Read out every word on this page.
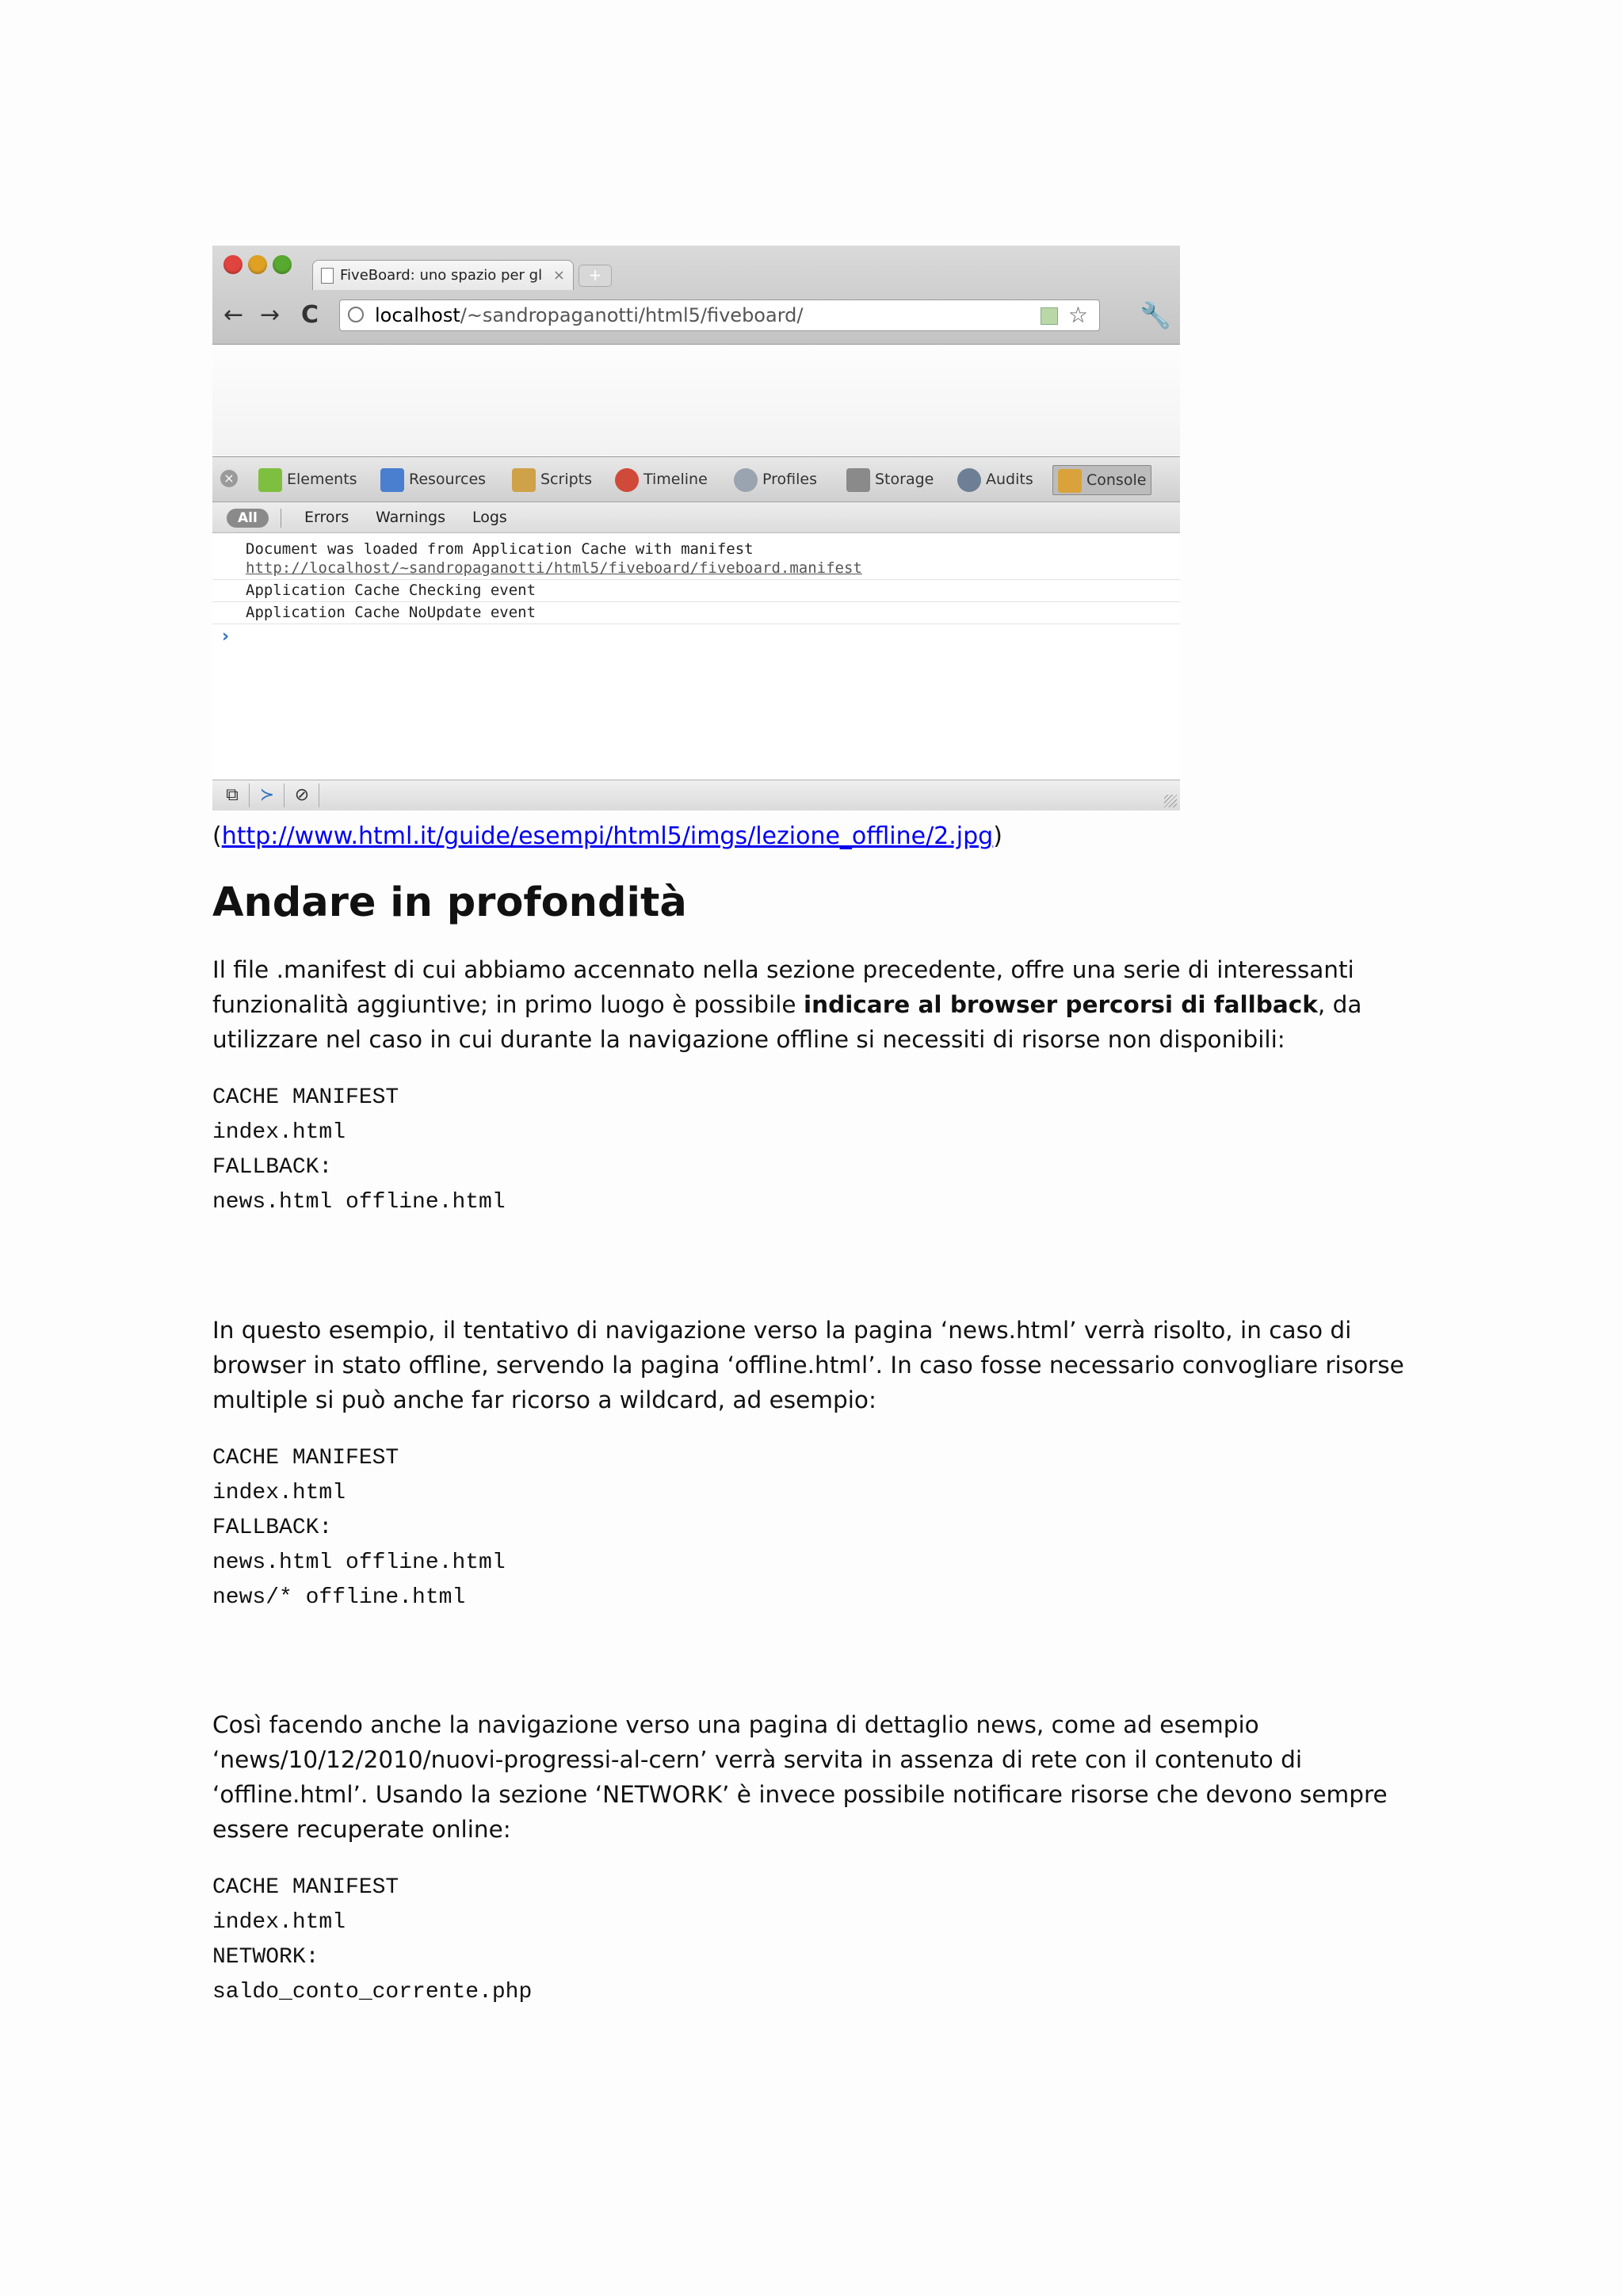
FiveBoard: uno spazio per gl ×	+
← → C	localhost/~sandropaganotti/html5/fiveboard/	☆ 🔧
×	Elements	Resources	Scripts	Timeline	Profiles	Storage	Audits	Console
All	Errors Warnings Logs
Document was loaded from Application Cache with manifest
http://localhost/~sandropaganotti/html5/fiveboard/fiveboard.manifest
Application Cache Checking event
Application Cache NoUpdate event
›
⧉	≻	⊘
(http://www.html.it/guide/esempi/html5/imgs/lezione_offline/2.jpg)
Andare in profondità

Il file .manifest di cui abbiamo accennato nella sezione precedente, offre una serie di interessanti funzionalità aggiuntive; in primo luogo è possibile indicare al browser percorsi di fallback, da utilizzare nel caso in cui durante la navigazione offline si necessiti di risorse non disponibili:

CACHE MANIFEST
index.html
FALLBACK:
news.html offline.html

In questo esempio, il tentativo di navigazione verso la pagina ‘news.html’ verrà risolto, in caso di browser in stato offline, servendo la pagina ‘offline.html’. In caso fosse necessario convogliare risorse multiple si può anche far ricorso a wildcard, ad esempio:

CACHE MANIFEST
index.html
FALLBACK:
news.html offline.html
news/* offline.html

Così facendo anche la navigazione verso una pagina di dettaglio news, come ad esempio ‘news/10/12/2010/nuovi-progressi-al-cern’ verrà servita in assenza di rete con il contenuto di ‘offline.html’. Usando la sezione ‘NETWORK’ è invece possibile notificare risorse che devono sempre essere recuperate online:

CACHE MANIFEST
index.html
NETWORK:
saldo_conto_corrente.php
